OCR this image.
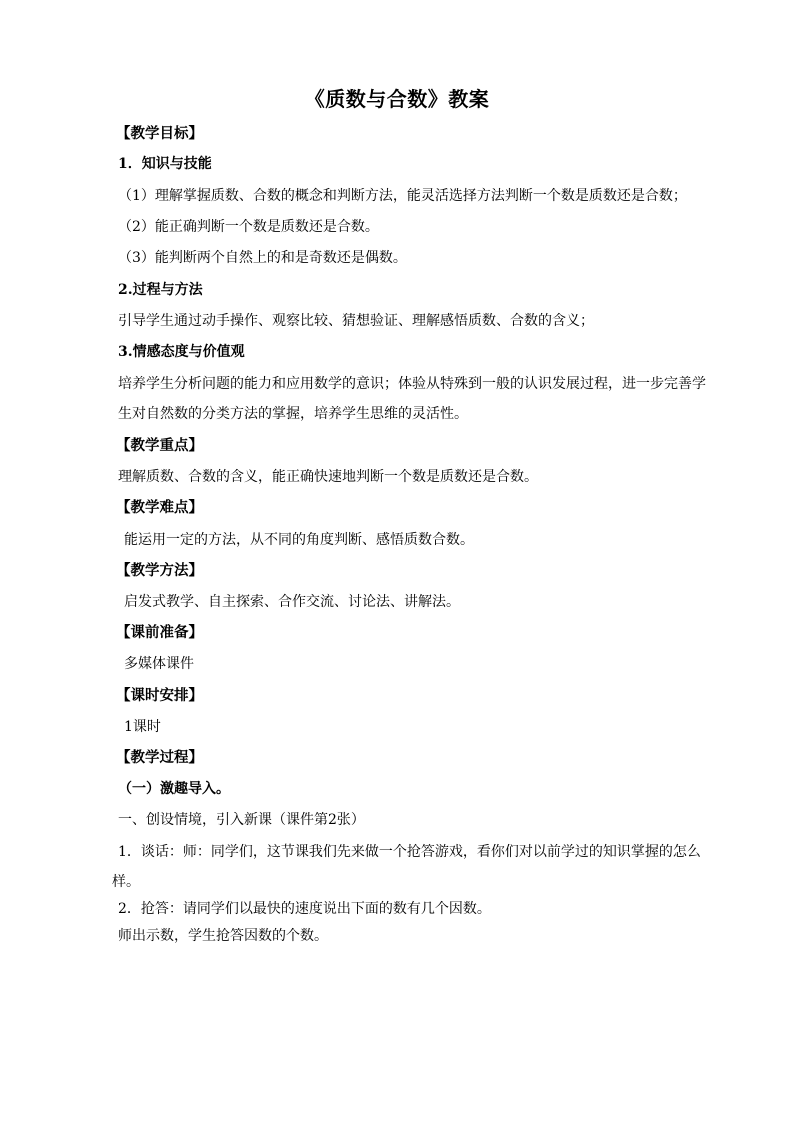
《质数与合数》教案
【教学目标】
1．知识与技能
（1）理解掌握质数、合数的概念和判断方法，能灵活选择方法判断一个数是质数还是合数；
（2）能正确判断一个数是质数还是合数。
（3）能判断两个自然上的和是奇数还是偶数。
2.过程与方法
引导学生通过动手操作、观察比较、猜想验证、理解感悟质数、合数的含义；
3.情感态度与价值观
培养学生分析问题的能力和应用数学的意识；体验从特殊到一般的认识发展过程，进一步完善学
生对自然数的分类方法的掌握，培养学生思维的灵活性。
【教学重点】
理解质数、合数的含义，能正确快速地判断一个数是质数还是合数。
【教学难点】
能运用一定的方法，从不同的角度判断、感悟质数合数。
【教学方法】
启发式教学、自主探索、合作交流、讨论法、讲解法。
【课前准备】
多媒体课件
【课时安排】
1课时
【教学过程】
（一）激趣导入。
一、创设情境，引入新课（课件第2张）
1．谈话：师：同学们，这节课我们先来做一个抢答游戏，看你们对以前学过的知识掌握的怎么
样。
2．抢答：请同学们以最快的速度说出下面的数有几个因数。
师出示数，学生抢答因数的个数。
